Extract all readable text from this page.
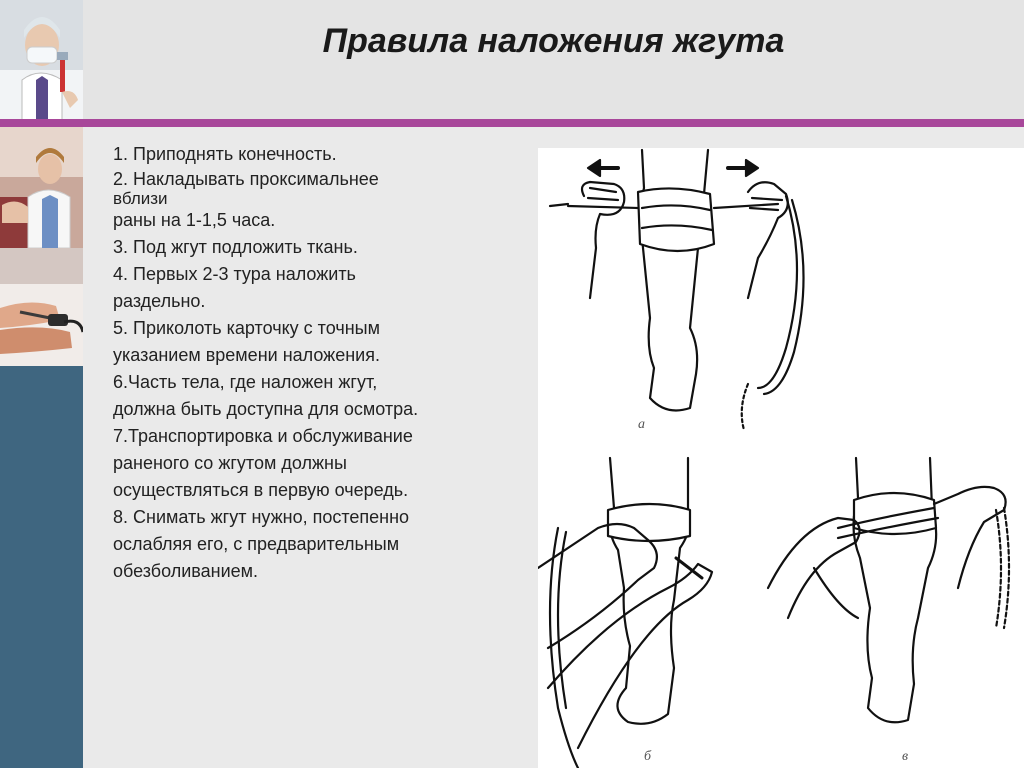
Правила наложения жгута
1. Приподнять конечность.
2. Накладывать проксимальнее
вблизи
раны на 1-1,5 часа.
3. Под жгут подложить ткань.
4. Первых 2-3 тура наложить
раздельно.
5. Приколоть карточку с точным
указанием времени наложения.
6.Часть тела, где наложен жгут,
должна быть доступна для осмотра.
7.Транспортировка и обслуживание
раненого со жгутом должны
осуществляться в первую очередь.
8. Снимать жгут нужно, постепенно
ослабляя его, с предварительным
обезболиванием.
а
б	в
